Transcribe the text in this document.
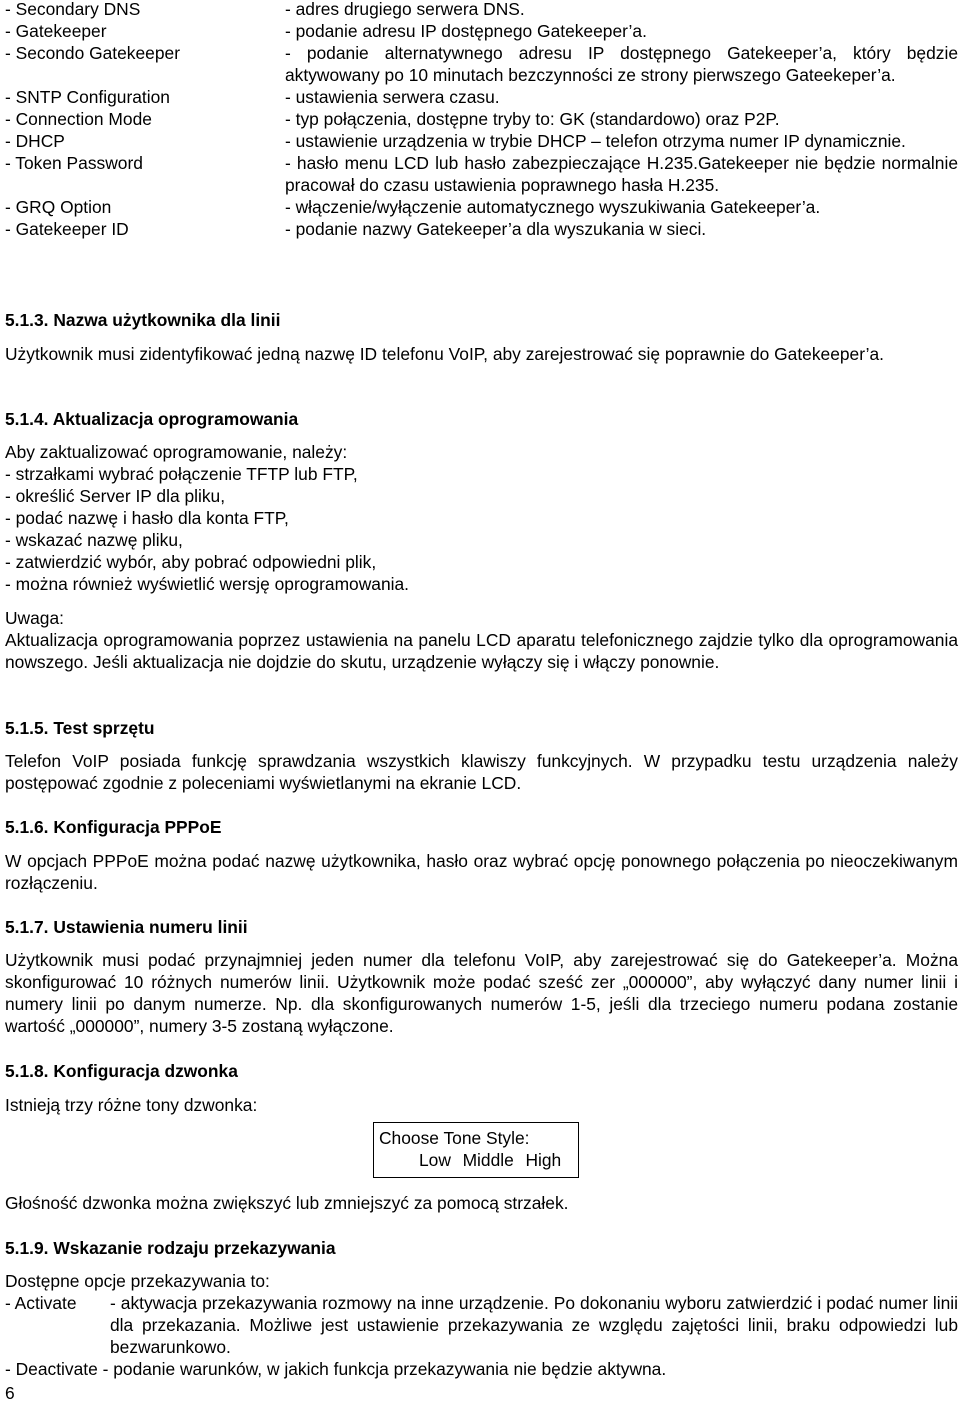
- Secondary DNS	- adres drugiego serwera DNS.
- Gatekeeper	- podanie adresu IP dostępnego Gatekeeper’a.
- Secondo Gatekeeper	- podanie alternatywnego adresu IP dostępnego Gatekeeper’a, który będzie aktywowany po 10 minutach bezczynności ze strony pierwszego Gateekeper’a.
- SNTP Configuration	- ustawienia serwera czasu.
- Connection Mode	- typ połączenia, dostępne tryby to: GK (standardowo) oraz P2P.
- DHCP	- ustawienie urządzenia w trybie DHCP – telefon otrzyma numer IP dynamicznie.
- Token Password	- hasło menu LCD lub hasło zabezpieczające H.235.Gatekeeper nie będzie normalnie pracował do czasu ustawienia poprawnego hasła H.235.
- GRQ Option	- włączenie/wyłączenie automatycznego wyszukiwania Gatekeeper’a.
- Gatekeeper ID	- podanie nazwy Gatekeeper’a dla wyszukania w sieci.

5.1.3. Nazwa użytkownika dla linii

Użytkownik musi zidentyfikować jedną nazwę ID telefonu VoIP, aby zarejestrować się poprawnie do Gatekeeper’a.

5.1.4. Aktualizacja oprogramowania

Aby zaktualizować oprogramowanie, należy:

- strzałkami wybrać połączenie TFTP lub FTP,

- określić Server IP dla pliku,

- podać nazwę i hasło dla konta FTP,

- wskazać nazwę pliku,

- zatwierdzić wybór, aby pobrać odpowiedni plik,

- można również wyświetlić wersję oprogramowania.

Uwaga:

Aktualizacja oprogramowania poprzez ustawienia na panelu LCD aparatu telefonicznego zajdzie tylko dla oprogramowania nowszego. Jeśli aktualizacja nie dojdzie do skutu, urządzenie wyłączy się i włączy ponownie.

5.1.5. Test sprzętu

Telefon VoIP posiada funkcję sprawdzania wszystkich klawiszy funkcyjnych. W przypadku testu urządzenia należy postępować zgodnie z poleceniami wyświetlanymi na ekranie LCD.

5.1.6. Konfiguracja PPPoE

W opcjach PPPoE można podać nazwę użytkownika, hasło oraz wybrać opcję ponownego połączenia po nieoczekiwanym rozłączeniu.

5.1.7. Ustawienia numeru linii

Użytkownik musi podać przynajmniej jeden numer dla telefonu VoIP, aby zarejestrować się do Gatekeeper’a. Można skonfigurować 10 różnych numerów linii. Użytkownik może podać sześć zer „000000”, aby wyłączyć dany numer linii i numery linii po danym numerze. Np. dla skonfigurowanych numerów 1-5, jeśli dla trzeciego numeru podana zostanie wartość „000000”, numery 3-5 zostaną wyłączone.

5.1.8. Konfiguracja dzwonka

Istnieją trzy różne tony dzwonka:

Głośność dzwonka można zwiększyć lub zmniejszyć za pomocą strzałek.

5.1.9. Wskazanie rodzaju przekazywania

Dostępne opcje przekazywania to:

- Activate	- aktywacja przekazywania rozmowy na inne urządzenie. Po dokonaniu wyboru zatwierdzić i podać numer linii dla przekazania. Możliwe jest ustawienie przekazywania ze względu zajętości linii, braku odpowiedzi lub bezwarunkowo.

- Deactivate - podanie warunków, w jakich funkcja przekazywania nie będzie aktywna.

Choose Tone Style:
Low  Middle  High

6
